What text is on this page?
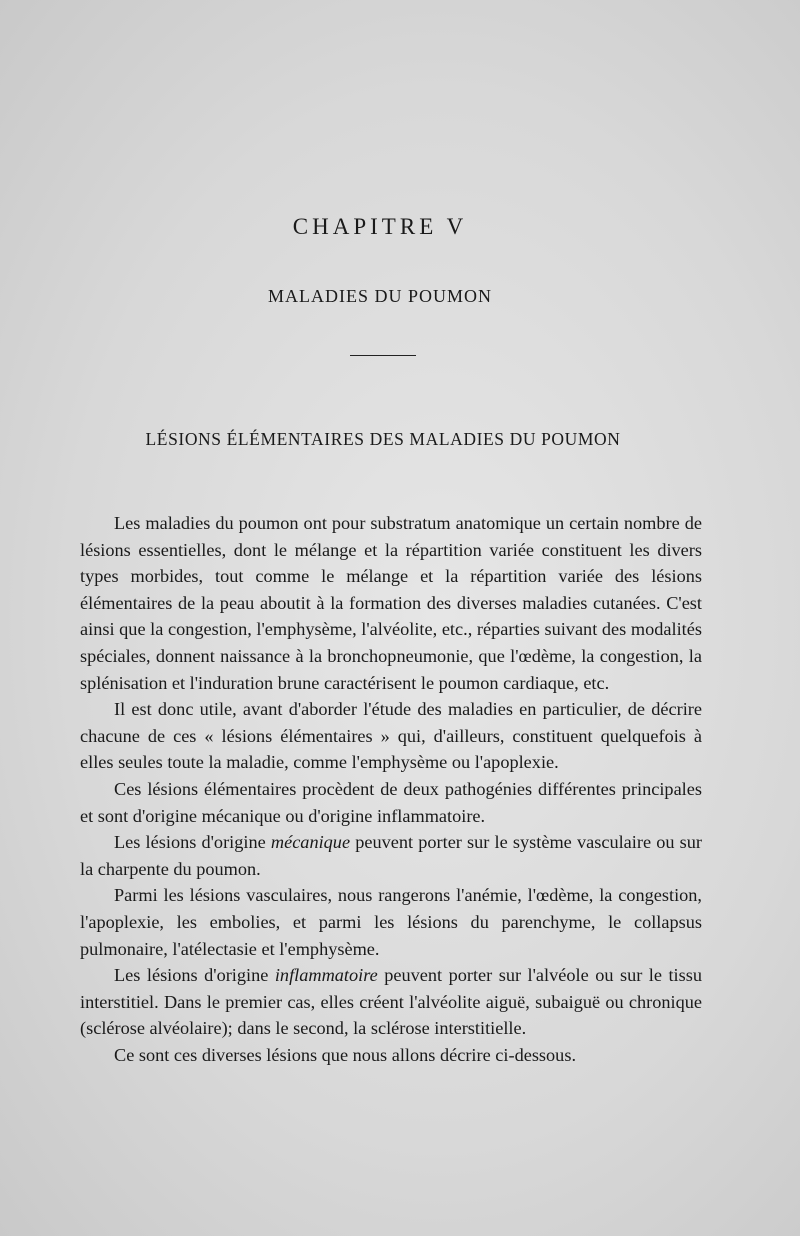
CHAPITRE V
MALADIES DU POUMON
LÉSIONS ÉLÉMENTAIRES DES MALADIES DU POUMON

Les maladies du poumon ont pour substratum anatomique un certain nombre de lésions essentielles, dont le mélange et la répartition variée constituent les divers types morbides, tout comme le mélange et la répartition variée des lésions élémentaires de la peau aboutit à la formation des diverses maladies cutanées. C'est ainsi que la congestion, l'emphysème, l'alvéolite, etc., réparties suivant des modalités spéciales, donnent naissance à la bronchopneumonie, que l'œdème, la congestion, la splénisation et l'induration brune caractérisent le poumon cardiaque, etc.

Il est donc utile, avant d'aborder l'étude des maladies en particulier, de décrire chacune de ces « lésions élémentaires » qui, d'ailleurs, constituent quelquefois à elles seules toute la maladie, comme l'emphysème ou l'apoplexie.

Ces lésions élémentaires procèdent de deux pathogénies différentes principales et sont d'origine mécanique ou d'origine inflammatoire.

Les lésions d'origine mécanique peuvent porter sur le système vasculaire ou sur la charpente du poumon.

Parmi les lésions vasculaires, nous rangerons l'anémie, l'œdème, la congestion, l'apoplexie, les embolies, et parmi les lésions du parenchyme, le collapsus pulmonaire, l'atélectasie et l'emphysème.

Les lésions d'origine inflammatoire peuvent porter sur l'alvéole ou sur le tissu interstitiel. Dans le premier cas, elles créent l'alvéolite aiguë, subaiguë ou chronique (sclérose alvéolaire); dans le second, la sclérose interstitielle.

Ce sont ces diverses lésions que nous allons décrire ci-dessous.
